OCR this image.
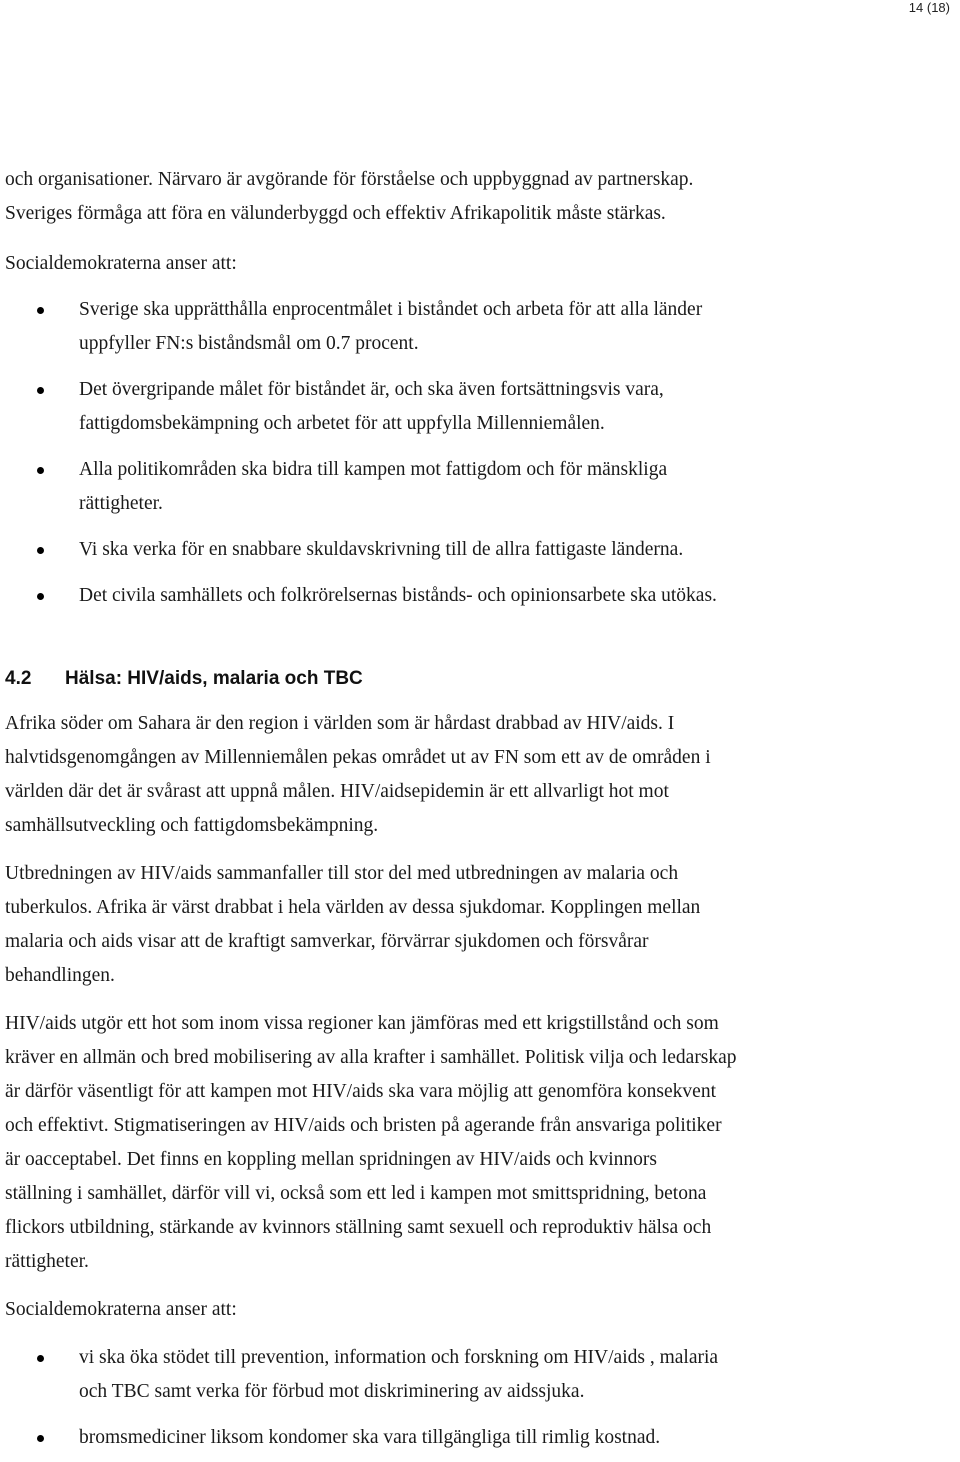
14 (18)

och organisationer. Närvaro är avgörande för förståelse och uppbyggnad av partnerskap.
Sveriges förmåga att föra en välunderbyggd och effektiv Afrikapolitik måste stärkas.

Socialdemokraterna anser att:

Sverige ska upprätthålla enprocentmålet i biståndet och arbeta för att alla länder
uppfyller FN:s biståndsmål om 0.7 procent.
Det övergripande målet för biståndet är, och ska även fortsättningsvis vara,
fattigdomsbekämpning och arbetet för att uppfylla Millenniemålen.
Alla politikområden ska bidra till kampen mot fattigdom och för mänskliga
rättigheter.
Vi ska verka för en snabbare skuldavskrivning till de allra fattigaste länderna.
Det civila samhällets och folkrörelsernas bistånds- och opinionsarbete ska utökas.
4.2 Hälsa: HIV/aids, malaria och TBC

Afrika söder om Sahara är den region i världen som är hårdast drabbad av HIV/aids. I
halvtidsgenomgången av Millenniemålen pekas området ut av FN som ett av de områden i
världen där det är svårast att uppnå målen. HIV/aidsepidemin är ett allvarligt hot mot
samhällsutveckling och fattigdomsbekämpning.

Utbredningen av HIV/aids sammanfaller till stor del med utbredningen av malaria och
tuberkulos. Afrika är värst drabbat i hela världen av dessa sjukdomar. Kopplingen mellan
malaria och aids visar att de kraftigt samverkar, förvärrar sjukdomen och försvårar
behandlingen.

HIV/aids utgör ett hot som inom vissa regioner kan jämföras med ett krigstillstånd och som
kräver en allmän och bred mobilisering av alla krafter i samhället. Politisk vilja och ledarskap
är därför väsentligt för att kampen mot HIV/aids ska vara möjlig att genomföra konsekvent
och effektivt. Stigmatiseringen av HIV/aids och bristen på agerande från ansvariga politiker
är oacceptabel. Det finns en koppling mellan spridningen av HIV/aids och kvinnors
ställning i samhället, därför vill vi, också som ett led i kampen mot smittspridning, betona
flickors utbildning, stärkande av kvinnors ställning samt sexuell och reproduktiv hälsa och
rättigheter.

Socialdemokraterna anser att:

vi ska öka stödet till prevention, information och forskning om HIV/aids , malaria
och TBC samt verka för förbud mot diskriminering av aidssjuka.
bromsmediciner liksom kondomer ska vara tillgängliga till rimlig kostnad.
